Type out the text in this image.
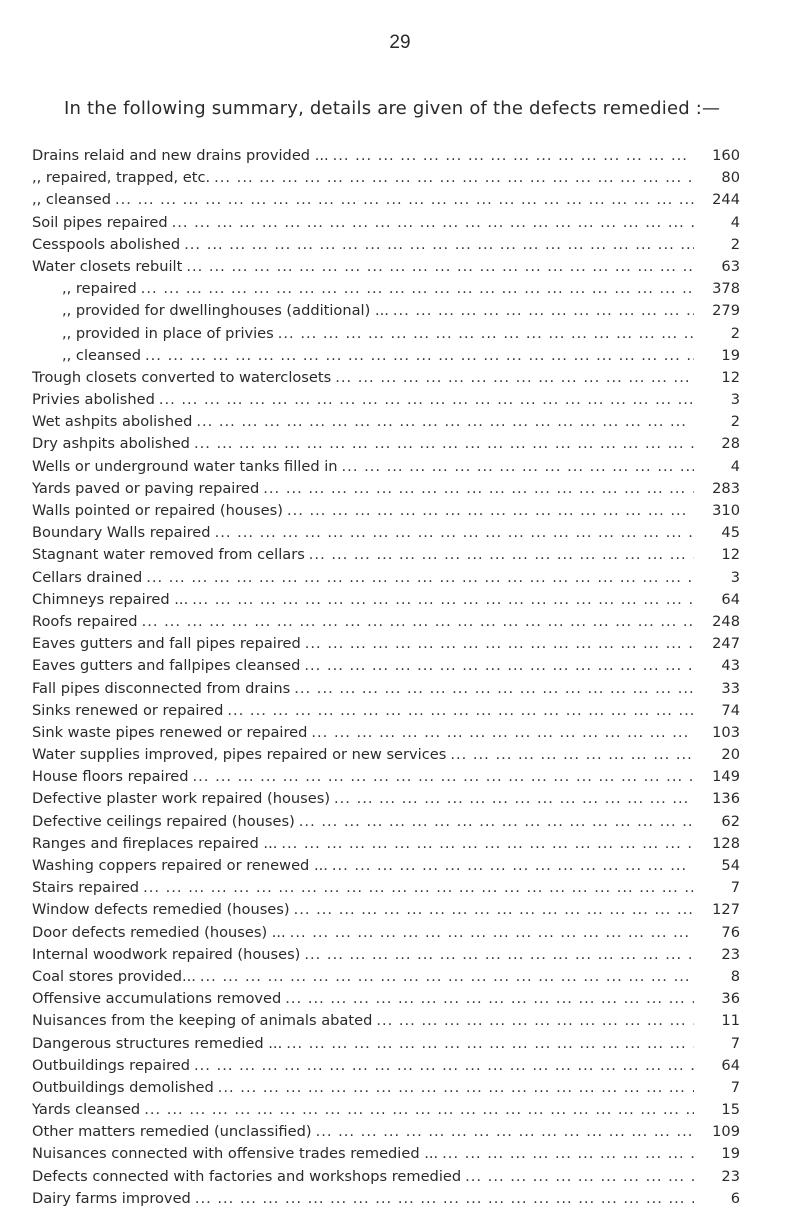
29
In the following summary, details are given of the defects remedied :—
Drains relaid and new drains provided ... ... .	160
,, repaired, trapped, etc. ... .	80
,, cleansed ... .	244
Soil pipes repaired ... .	4
Cesspools abolished ... .	2
Water closets rebuilt ... .	63
,, repaired ... .	378
,, provided for dwellinghouses (additional) ... ... .	279
,, provided in place of privies ... .	2
,, cleansed ... .	19
Trough closets converted to waterclosets ... .	12
Privies abolished ... .	3
Wet ashpits abolished ... .	2
Dry ashpits abolished ... .	28
Wells or underground water tanks filled in ... .	4
Yards paved or paving repaired ... .	283
Walls pointed or repaired (houses) ... .	310
Boundary Walls repaired ... .	45
Stagnant water removed from cellars ... .	12
Cellars drained ... .	3
Chimneys repaired ... ... .	64
Roofs repaired ... .	248
Eaves gutters and fall pipes repaired ... .	247
Eaves gutters and fallpipes cleansed ... .	43
Fall pipes disconnected from drains ... .	33
Sinks renewed or repaired ... .	74
Sink waste pipes renewed or repaired ... .	103
Water supplies improved, pipes repaired or new services ... .	20
House floors repaired ... .	149
Defective plaster work repaired (houses) ... .	136
Defective ceilings repaired (houses) ... .	62
Ranges and fireplaces repaired ... ... .	128
Washing coppers repaired or renewed ... ... .	54
Stairs repaired ... .	7
Window defects remedied (houses) ... .	127
Door defects remedied (houses) ... ... .	76
Internal woodwork repaired (houses) ... .	23
Coal stores provided... ... .	8
Offensive accumulations removed ... .	36
Nuisances from the keeping of animals abated ... .	11
Dangerous structures remedied ... ... .	7
Outbuildings repaired ... .	64
Outbuildings demolished ... .	7
Yards cleansed ... .	15
Other matters remedied (unclassified) ... .	109
Nuisances connected with offensive trades remedied ... ... .	19
Defects connected with factories and workshops remedied ... .	23
Dairy farms improved ... .	6
